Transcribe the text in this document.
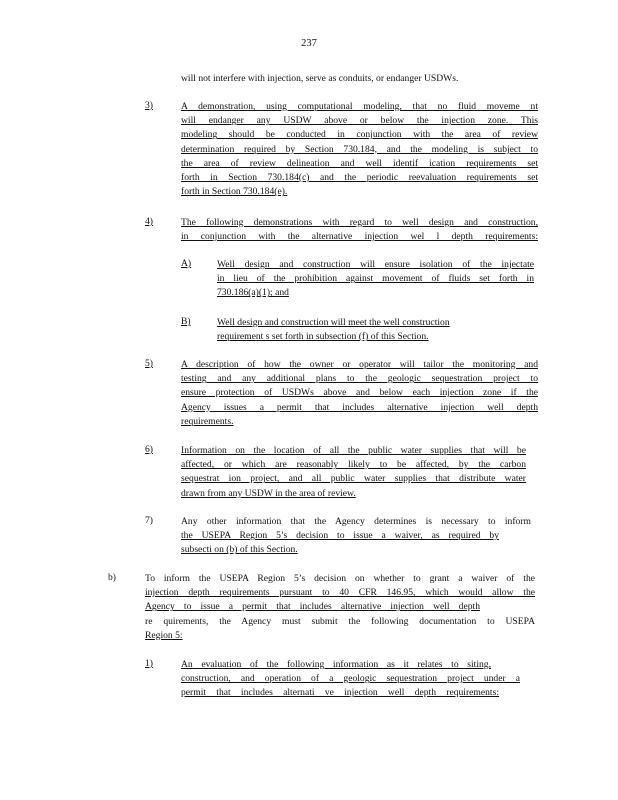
237
will not interfere with injection, serve as conduits, or endanger USDWs.
3)	A demonstration, using computational modeling, that no fluid moveme nt
will endanger any USDW above or below the injection zone. This
modeling should be conducted in conjunction with the area of review
determination required by Section 730.184, and the modeling is subject to
the area of review delineation and well identif ication requirements set
forth in Section 730.184(c) and the periodic reevaluation requirements set
forth in Section 730.184(e).
4)	The following demonstrations with regard to well design and construction,
in conjunction with the alternative injection wel l depth requirements:
A)	Well design and construction will ensure isolation of the injectate
in lieu of the prohibition against movement of fluids set forth in
730.186(a)(1); and
B)	Well design and construction will meet the well construction
requirement s set forth in subsection (f) of this Section.
5)	A description of how the owner or operator will tailor the monitoring and
testing and any additional plans to the geologic sequestration project to
ensure protection of USDWs above and below each injection zone if the
Agency issues a permit that includes alternative injection well depth
requirements.
6)	Information on the location of all the public water supplies that will be
affected, or which are reasonably likely to be affected, by the carbon
sequestrat ion project, and all public water supplies that distribute water
drawn from any USDW in the area of review.
7)	Any other information that the Agency determines is necessary to inform
the USEPA Region 5’s decision to issue a waiver, as required by
subsecti on (b) of this Section.
b)	To inform the USEPA Region 5’s decision on whether to grant a waiver of the
injection depth requirements pursuant to 40 CFR 146.95, which would allow the
Agency to issue a permit that includes alternative injection well depth
re quirements, the Agency must submit the following documentation to USEPA
Region 5:
1)	An evaluation of the following information as it relates to siting,
construction, and operation of a geologic sequestration project under a
permit that includes alternati ve injection well depth requirements:
